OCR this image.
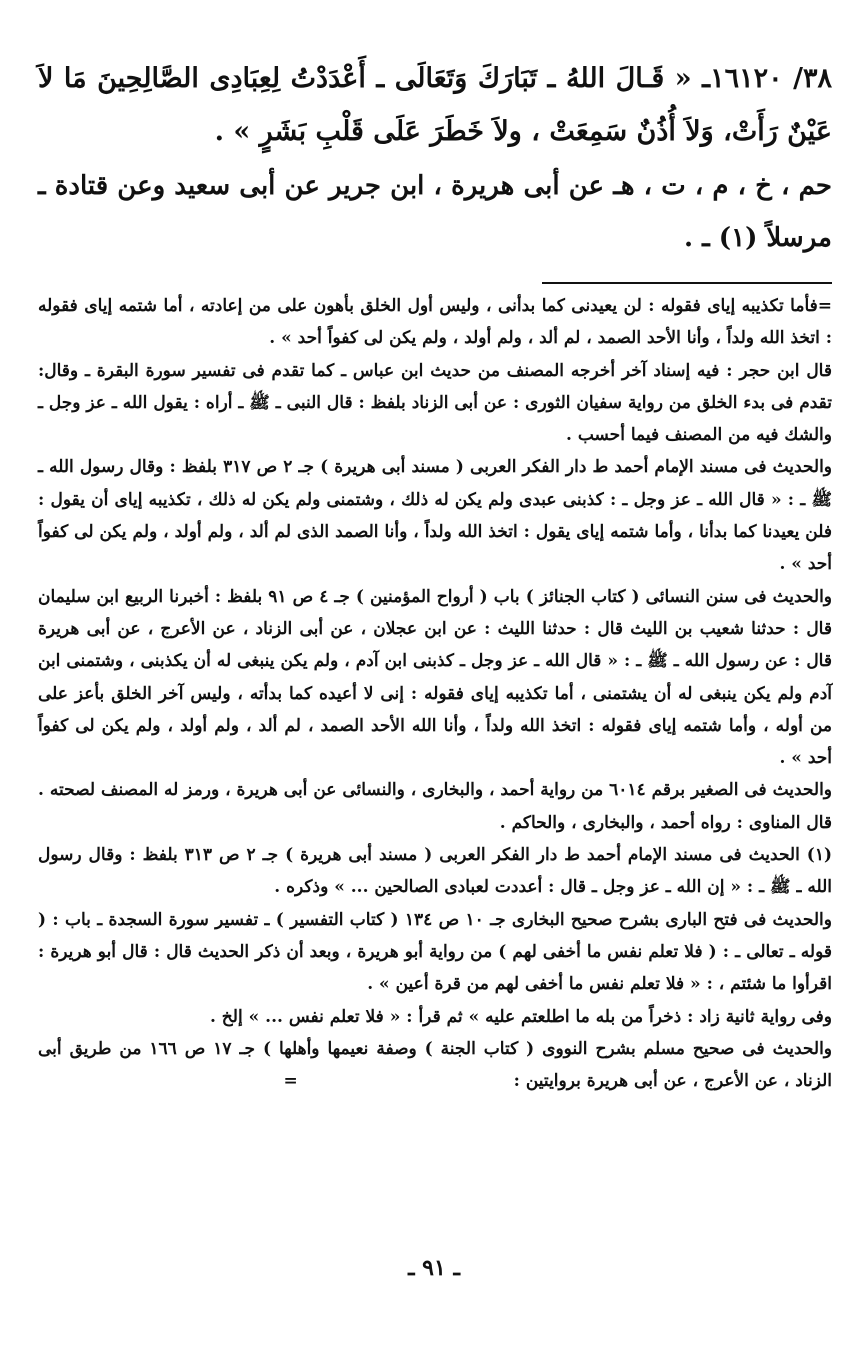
٣٨/ ١٦١٢٠ـ « قَـالَ اللهُ ـ تَبَارَكَ وَتَعَالَى ـ أَعْدَدْتُ لِعِبَادِى الصَّالِحِينَ مَا لاَ عَيْنٌ رَأَتْ، وَلاَ أُذُنٌ سَمِعَتْ ، ولاَ خَطَرَ عَلَى قَلْبِ بَشَرٍ » .

حم ، خ ، م ، ت ، هـ عن أبى هريرة ، ابن جرير عن أبى سعيد وعن قتادة ـ مرسلاً (١) ـ .

=فأما تكذيبه إياى فقوله : لن يعيدنى كما بدأنى ، وليس أول الخلق بأهون على من إعادته ، أما شتمه إياى فقوله : اتخذ الله ولداً ، وأنا الأحد الصمد ، لم ألد ، ولم أولد ، ولم يكن لى كفواً أحد » .

قال ابن حجر : فيه إسناد آخر أخرجه المصنف من حديث ابن عباس ـ كما تقدم فى تفسير سورة البقرة ـ وقال: تقدم فى بدء الخلق من رواية سفيان الثورى : عن أبى الزناد بلفظ : قال النبى ـ ﷺ ـ أراه : يقول الله ـ عز وجل ـ والشك فيه من المصنف فيما أحسب .

والحديث فى مسند الإمام أحمد ط دار الفكر العربى ( مسند أبى هريرة ) جـ ٢ ص ٣١٧ بلفظ : وقال رسول الله ـ ﷺ ـ : « قال الله ـ عز وجل ـ : كذبنى عبدى ولم يكن له ذلك ، وشتمنى ولم يكن له ذلك ، تكذيبه إياى أن يقول : فلن يعيدنا كما بدأنا ، وأما شتمه إياى يقول : اتخذ الله ولداً ، وأنا الصمد الذى لم ألد ، ولم أولد ، ولم يكن لى كفواً أحد » .

والحديث فى سنن النسائى ( كتاب الجنائز ) باب ( أرواح المؤمنين ) جـ ٤ ص ٩١ بلفظ : أخبرنا الربيع ابن سليمان قال : حدثنا شعيب بن الليث قال : حدثنا الليث : عن ابن عجلان ، عن أبى الزناد ، عن الأعرج ، عن أبى هريرة قال : عن رسول الله ـ ﷺ ـ : « قال الله ـ عز وجل ـ كذبنى ابن آدم ، ولم يكن ينبغى له أن يكذبنى ، وشتمنى ابن آدم ولم يكن ينبغى له أن يشتمنى ، أما تكذيبه إياى فقوله : إنى لا أعيده كما بدأته ، وليس آخر الخلق بأعز على من أوله ، وأما شتمه إياى فقوله : اتخذ الله ولداً ، وأنا الله الأحد الصمد ، لم ألد ، ولم أولد ، ولم يكن لى كفواً أحد » .

والحديث فى الصغير برقم ٦٠١٤ من رواية أحمد ، والبخارى ، والنسائى عن أبى هريرة ، ورمز له المصنف لصحته .

قال المناوى : رواه أحمد ، والبخارى ، والحاكم .

(١) الحديث فى مسند الإمام أحمد ط دار الفكر العربى ( مسند أبى هريرة ) جـ ٢ ص ٣١٣ بلفظ : وقال رسول الله ـ ﷺ ـ : « إن الله ـ عز وجل ـ قال : أعددت لعبادى الصالحين ... » وذكره .

والحديث فى فتح البارى بشرح صحيح البخارى جـ ١٠ ص ١٣٤ ( كتاب التفسير ) ـ تفسير سورة السجدة ـ باب : ( قوله ـ تعالى ـ : ( فلا تعلم نفس ما أخفى لهم ) من رواية أبو هريرة ، وبعد أن ذكر الحديث قال : قال أبو هريرة : اقرأوا ما شئتم ، : « فلا تعلم نفس ما أخفى لهم من قرة أعين » .

وفى رواية ثانية زاد : ذخراً من بله ما اطلعتم عليه » ثم قرأ : « فلا تعلم نفس ... » إلخ .

والحديث فى صحيح مسلم بشرح النووى ( كتاب الجنة ) وصفة نعيمها وأهلها ) جـ ١٧ ص ١٦٦ من طريق أبى الزناد ، عن الأعرج ، عن أبى هريرة بروايتين : =

ـ ٩١ ـ
